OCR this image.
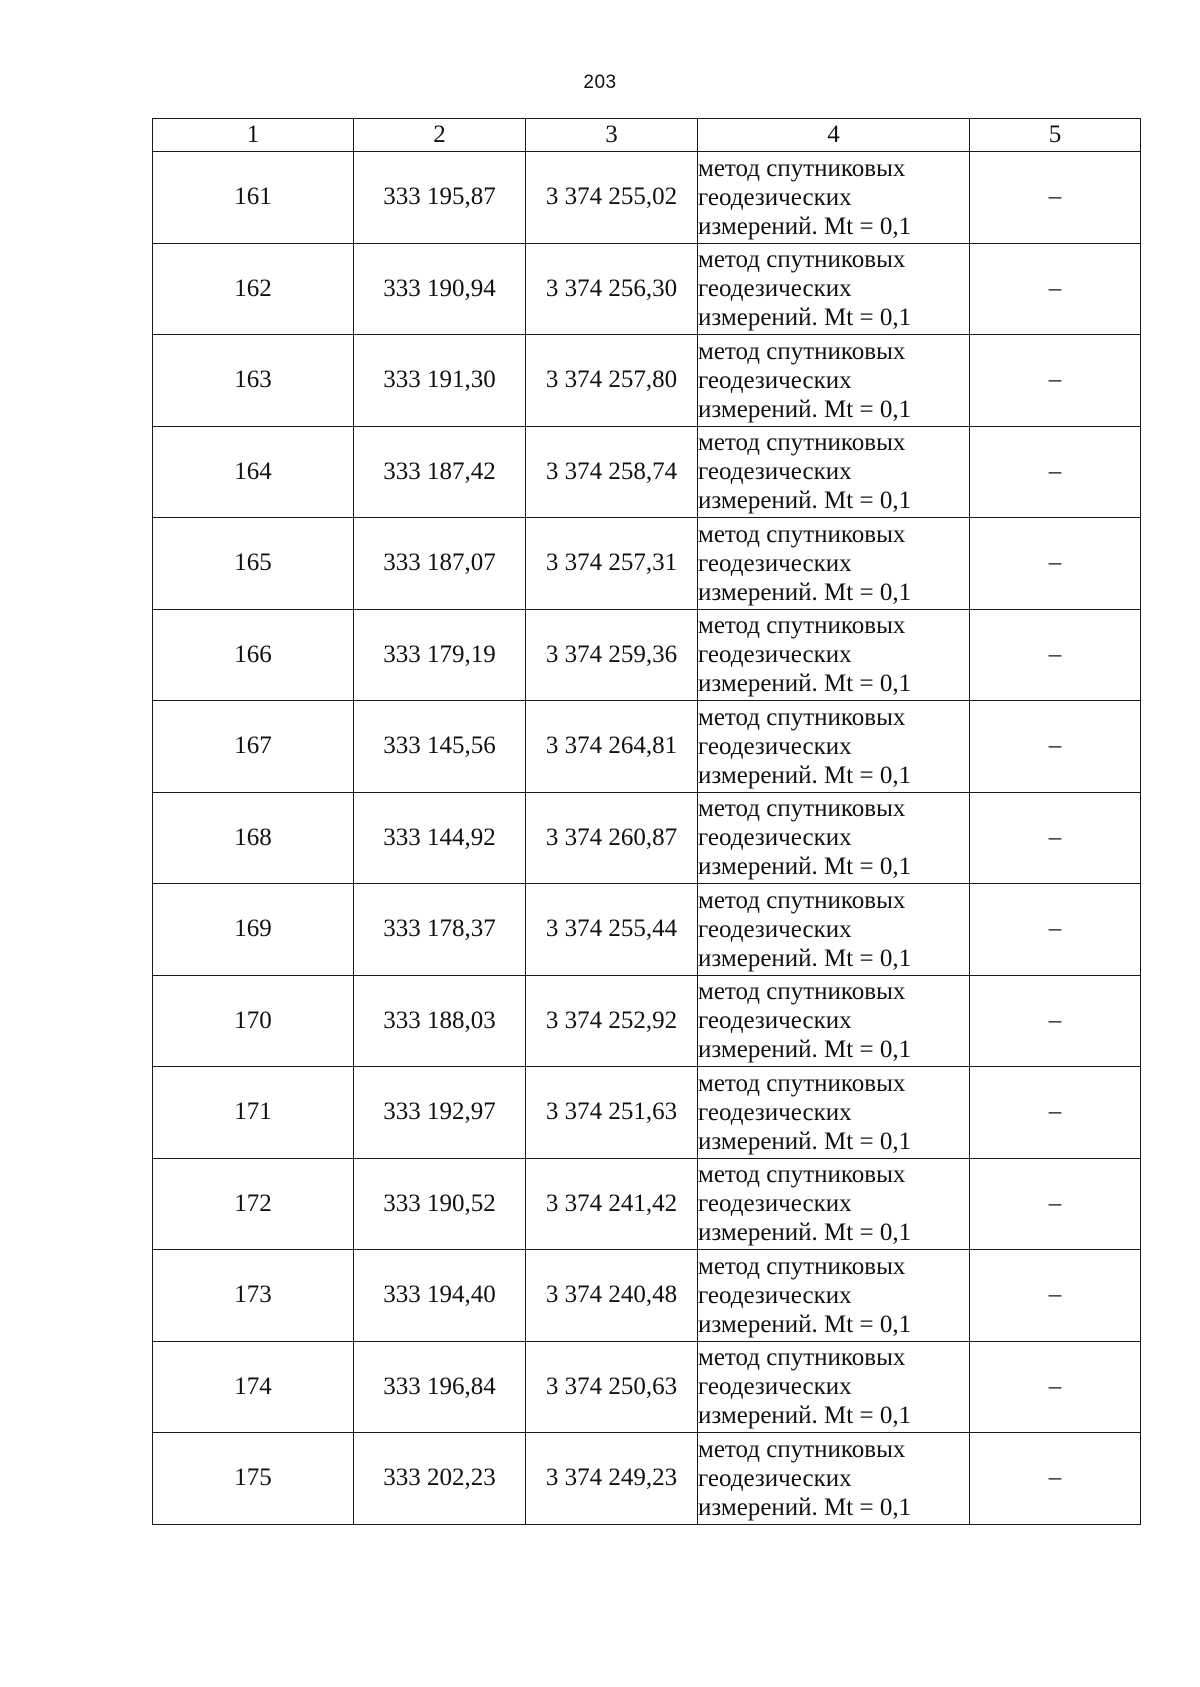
203
1	2	3	4	5
161	333 195,87	3 374 255,02	метод спутниковых
геодезических
измерений. Mt = 0,1	–
162	333 190,94	3 374 256,30	метод спутниковых
геодезических
измерений. Mt = 0,1	–
163	333 191,30	3 374 257,80	метод спутниковых
геодезических
измерений. Mt = 0,1	–
164	333 187,42	3 374 258,74	метод спутниковых
геодезических
измерений. Mt = 0,1	–
165	333 187,07	3 374 257,31	метод спутниковых
геодезических
измерений. Mt = 0,1	–
166	333 179,19	3 374 259,36	метод спутниковых
геодезических
измерений. Mt = 0,1	–
167	333 145,56	3 374 264,81	метод спутниковых
геодезических
измерений. Mt = 0,1	–
168	333 144,92	3 374 260,87	метод спутниковых
геодезических
измерений. Mt = 0,1	–
169	333 178,37	3 374 255,44	метод спутниковых
геодезических
измерений. Mt = 0,1	–
170	333 188,03	3 374 252,92	метод спутниковых
геодезических
измерений. Mt = 0,1	–
171	333 192,97	3 374 251,63	метод спутниковых
геодезических
измерений. Mt = 0,1	–
172	333 190,52	3 374 241,42	метод спутниковых
геодезических
измерений. Mt = 0,1	–
173	333 194,40	3 374 240,48	метод спутниковых
геодезических
измерений. Mt = 0,1	–
174	333 196,84	3 374 250,63	метод спутниковых
геодезических
измерений. Mt = 0,1	–
175	333 202,23	3 374 249,23	метод спутниковых
геодезических
измерений. Mt = 0,1	–
